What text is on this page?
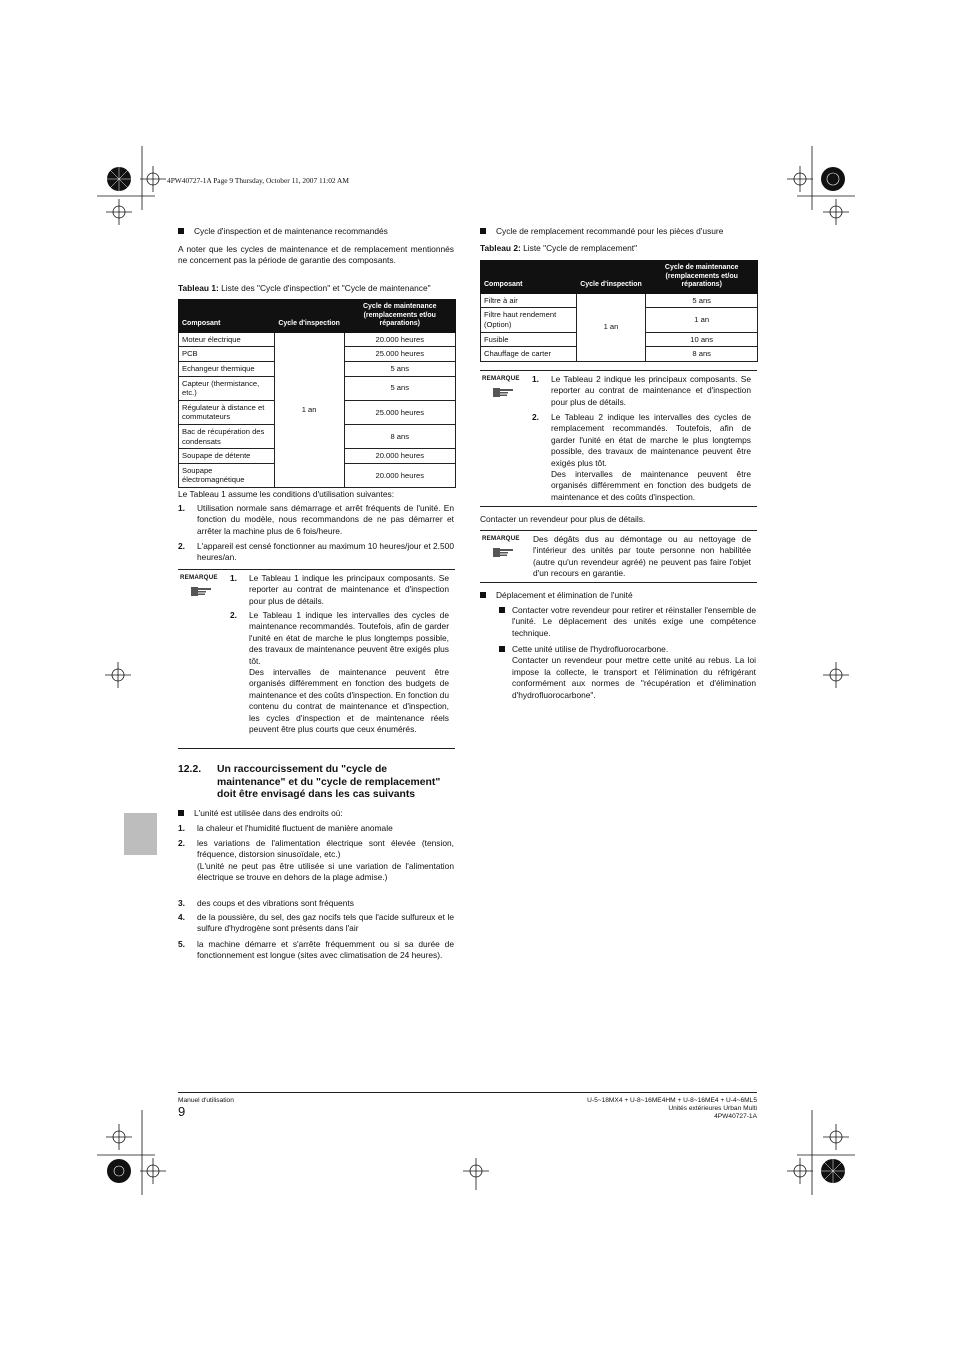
4PW40727-1A Page 9 Thursday, October 11, 2007 11:02 AM
Cycle d'inspection et de maintenance recommandés
A noter que les cycles de maintenance et de remplacement mentionnés ne concernent pas la période de garantie des composants.
Tableau 1: Liste des "Cycle d'inspection" et "Cycle de maintenance"
Composant	Cycle d'inspection	Cycle de maintenance (remplacements et/ou réparations)
Moteur électrique	1 an	20.000 heures
PCB		25.000 heures
Echangeur thermique		5 ans
Capteur (thermistance, etc.)		5 ans
Régulateur à distance et commutateurs		25.000 heures
Bac de récupération des condensats		8 ans
Soupape de détente		20.000 heures
Soupape électromagnétique		20.000 heures
Le Tableau 1 assume les conditions d'utilisation suivantes:
1.	Utilisation normale sans démarrage et arrêt fréquents de l'unité. En fonction du modèle, nous recommandons de ne pas démarrer et arrêter la machine plus de 6 fois/heure.
2.	L'appareil est censé fonctionner au maximum 10 heures/jour et 2.500 heures/an.
REMARQUE 1.	Le Tableau 1 indique les principaux composants. Se reporter au contrat de maintenance et d'inspection pour plus de détails.
2.	Le Tableau 1 indique les intervalles des cycles de maintenance recommandés. Toutefois, afin de garder l'unité en état de marche le plus longtemps possible, des travaux de maintenance peuvent être exigés plus tôt.
Des intervalles de maintenance peuvent être organisés différemment en fonction des budgets de maintenance et des coûts d'inspection. En fonction du contenu du contrat de maintenance et d'inspection, les cycles d'inspection et de maintenance réels peuvent être plus courts que ceux énumérés.
12.2. Un raccourcissement du "cycle de maintenance" et du "cycle de remplacement" doit être envisagé dans les cas suivants
L'unité est utilisée dans des endroits où:
1.	la chaleur et l'humidité fluctuent de manière anomale
2.	les variations de l'alimentation électrique sont élevée (tension, fréquence, distorsion sinusoïdale, etc.)
(L'unité ne peut pas être utilisée si une variation de l'alimentation électrique se trouve en dehors de la plage admise.)
3.	des coups et des vibrations sont fréquents
4.	de la poussière, du sel, des gaz nocifs tels que l'acide sulfureux et le sulfure d'hydrogène sont présents dans l'air
5.	la machine démarre et s'arrête fréquemment ou si sa durée de fonctionnement est longue (sites avec climatisation de 24 heures).
Cycle de remplacement recommandé pour les pièces d'usure
Tableau 2: Liste "Cycle de remplacement"
Composant	Cycle d'inspection	Cycle de maintenance (remplacements et/ou réparations)
Filtre à air	1 an	5 ans
Filtre haut rendement (Option)		1 an
Fusible		10 ans
Chauffage de carter		8 ans
REMARQUE 1.	Le Tableau 2 indique les principaux composants. Se reporter au contrat de maintenance et d'inspection pour plus de détails.
2.	Le Tableau 2 indique les intervalles des cycles de remplacement recommandés. Toutefois, afin de garder l'unité en état de marche le plus longtemps possible, des travaux de maintenance peuvent être exigés plus tôt.
Des intervalles de maintenance peuvent être organisés différemment en fonction des budgets de maintenance et des coûts d'inspection.
Contacter un revendeur pour plus de détails.
REMARQUE Des dégâts dus au démontage ou au nettoyage de l'intérieur des unités par toute personne non habilitée (autre qu'un revendeur agréé) ne peuvent pas faire l'objet d'un recours en garantie.
Déplacement et élimination de l'unité
Contacter votre revendeur pour retirer et réinstaller l'ensemble de l'unité. Le déplacement des unités exige une compétence technique.
Cette unité utilise de l'hydrofluorocarbone.
Contacter un revendeur pour mettre cette unité au rebus. La loi impose la collecte, le transport et l'élimination du réfrigérant conformément aux normes de "récupération et d'élimination d'hydrofluorocarbone".
Manuel d'utilisation
9
U-5~18MX4 + U-8~16ME4HM + U-8~16ME4 + U-4~6ML5
Unités extérieures Urban Multi
4PW40727-1A
